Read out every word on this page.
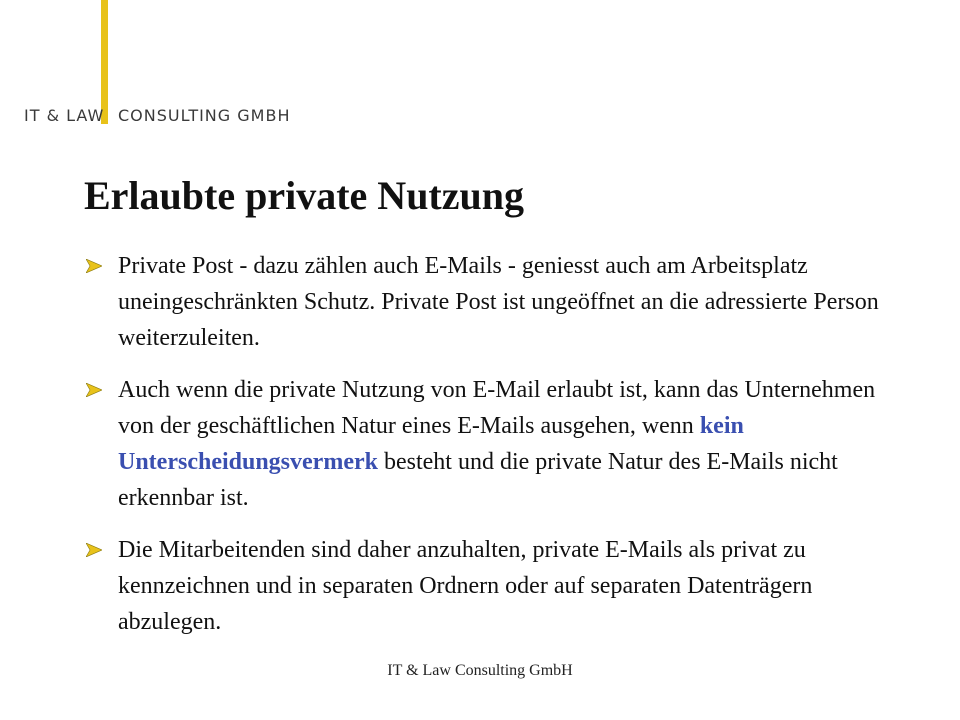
IT & LAW CONSULTING GMBH
Erlaubte private Nutzung
Private Post - dazu zählen auch E-Mails - geniesst auch am Arbeitsplatz uneingeschränkten Schutz. Private Post ist ungeöffnet an die adressierte Person weiterzuleiten.
Auch wenn die private Nutzung von E-Mail erlaubt ist, kann das Unternehmen von der geschäftlichen Natur eines E-Mails ausgehen, wenn kein Unterscheidungsvermerk besteht und die private Natur des E-Mails nicht erkennbar ist.
Die Mitarbeitenden sind daher anzuhalten, private E-Mails als privat zu kennzeichnen und in separaten Ordnern oder auf separaten Datenträgern abzulegen.
IT & Law Consulting GmbH
